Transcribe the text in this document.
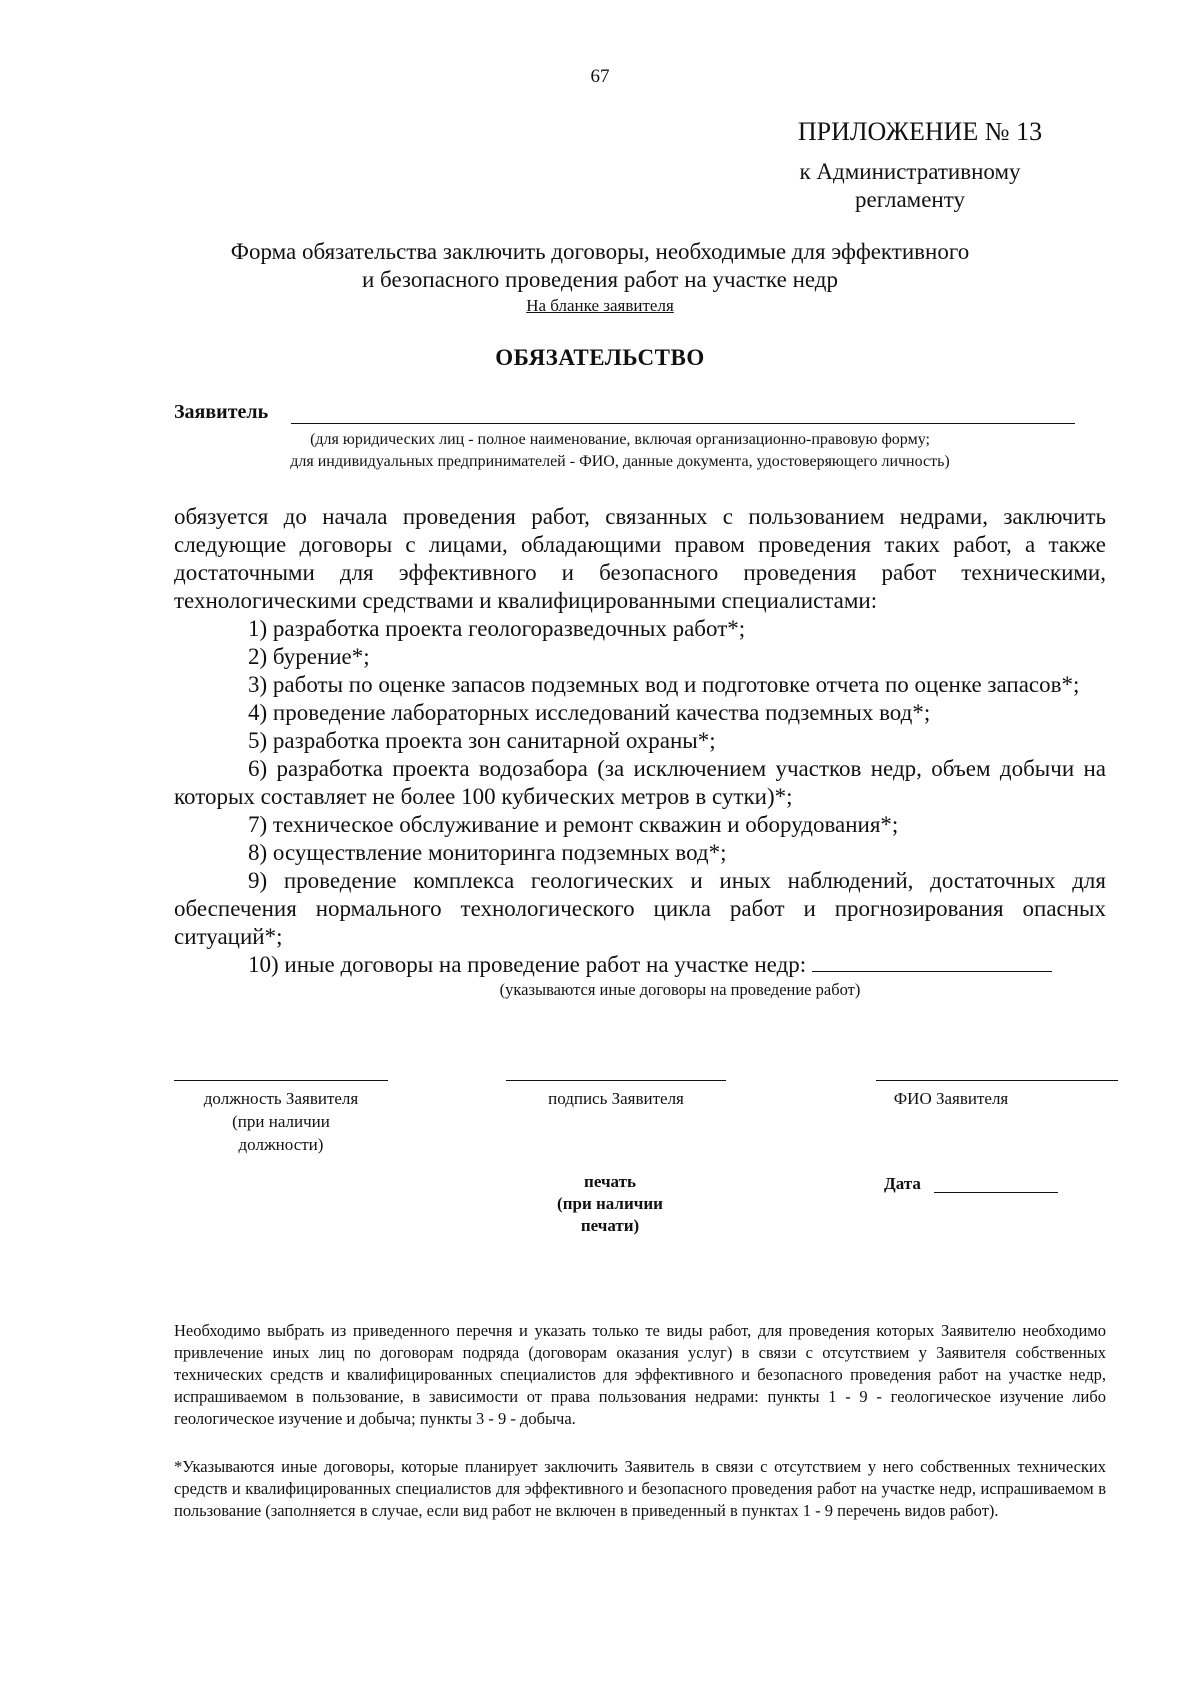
67
ПРИЛОЖЕНИЕ № 13
к Административному
регламенту
Форма обязательства заключить договоры, необходимые для эффективного
и безопасного проведения работ на участке недр
На бланке заявителя
ОБЯЗАТЕЛЬСТВО
Заявитель
(для юридических лиц - полное наименование, включая организационно-правовую форму;
для индивидуальных предпринимателей - ФИО, данные документа, удостоверяющего личность)

обязуется до начала проведения работ, связанных с пользованием недрами, заключить следующие договоры с лицами, обладающими правом проведения таких работ, а также достаточными для эффективного и безопасного проведения работ техническими, технологическими средствами и квалифицированными специалистами:

1) разработка проекта геологоразведочных работ*;

2) бурение*;

3) работы по оценке запасов подземных вод и подготовке отчета по оценке запасов*;

4) проведение лабораторных исследований качества подземных вод*;

5) разработка проекта зон санитарной охраны*;

6) разработка проекта водозабора (за исключением участков недр, объем добычи на которых составляет не более 100 кубических метров в сутки)*;

7) техническое обслуживание и ремонт скважин и оборудования*;

8) осуществление мониторинга подземных вод*;

9) проведение комплекса геологических и иных наблюдений, достаточных для обеспечения нормального технологического цикла работ и прогнозирования опасных ситуаций*;

10) иные договоры на проведение работ на участке недр:

(указываются иные договоры на проведение работ)
должность Заявителя
(при наличии
должности)
подпись Заявителя	ФИО Заявителя
печать
(при наличии
печати)
Дата

Необходимо выбрать из приведенного перечня и указать только те виды работ, для проведения которых Заявителю необходимо привлечение иных лиц по договорам подряда (договорам оказания услуг) в связи с отсутствием у Заявителя собственных технических средств и квалифицированных специалистов для эффективного и безопасного проведения работ на участке недр, испрашиваемом в пользование, в зависимости от права пользования недрами: пункты 1 - 9 - геологическое изучение либо геологическое изучение и добыча; пункты 3 - 9 - добыча.

*Указываются иные договоры, которые планирует заключить Заявитель в связи с отсутствием у него собственных технических средств и квалифицированных специалистов для эффективного и безопасного проведения работ на участке недр, испрашиваемом в пользование (заполняется в случае, если вид работ не включен в приведенный в пунктах 1 - 9 перечень видов работ).
